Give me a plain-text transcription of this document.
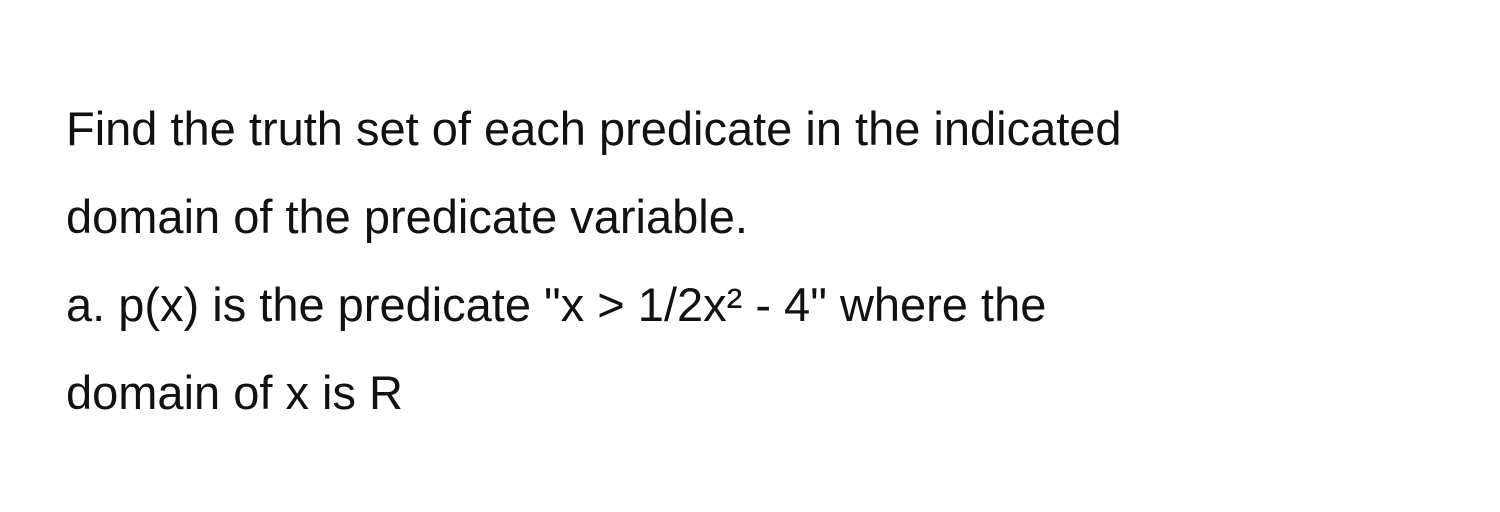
Find the truth set of each predicate in the indicated
domain of the predicate variable.
a. p(x) is the predicate "x > 1/2x² - 4" where the
domain of x is R
